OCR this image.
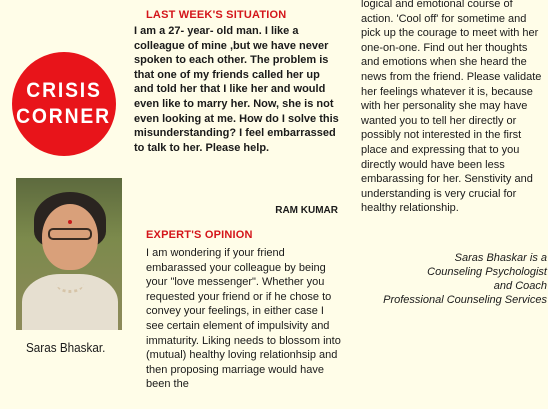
CRISIS
CORNER
Saras Bhaskar.
LAST WEEK'S SITUATION

I am a 27- year- old man. I like a colleague of mine ,but we have never spoken to each other. The problem is that one of my friends called her up and told her that I like her and would even like to marry her. Now, she is not even looking at me. How do I solve this misunderstanding? I feel embarrassed to talk to her. Please help.

RAM KUMAR
EXPERT'S OPINION

I am wondering if your friend embarassed your colleague by being your "love messenger". Whether you requested your friend or if he chose to convey your feelings, in either case I see certain element of impulsivity and immaturity. Liking needs to blossom into (mutual) healthy loving relationhsip and then proposing marriage would have been the

logical and emotional course of action. 'Cool off' for sometime and pick up the courage to meet with her one-on-one. Find out her thoughts and emotions when she heard the news from the friend. Please validate her feelings whatever it is, because with her personality she may have wanted you to tell her directly or possibly not interested in the first place and expressing that to you directly would have been less embarassing for her. Senstivity and understanding is very crucial for healthy relationship.

Saras Bhaskar is a
Counseling Psychologist
and Coach
Professional Counseling Services
